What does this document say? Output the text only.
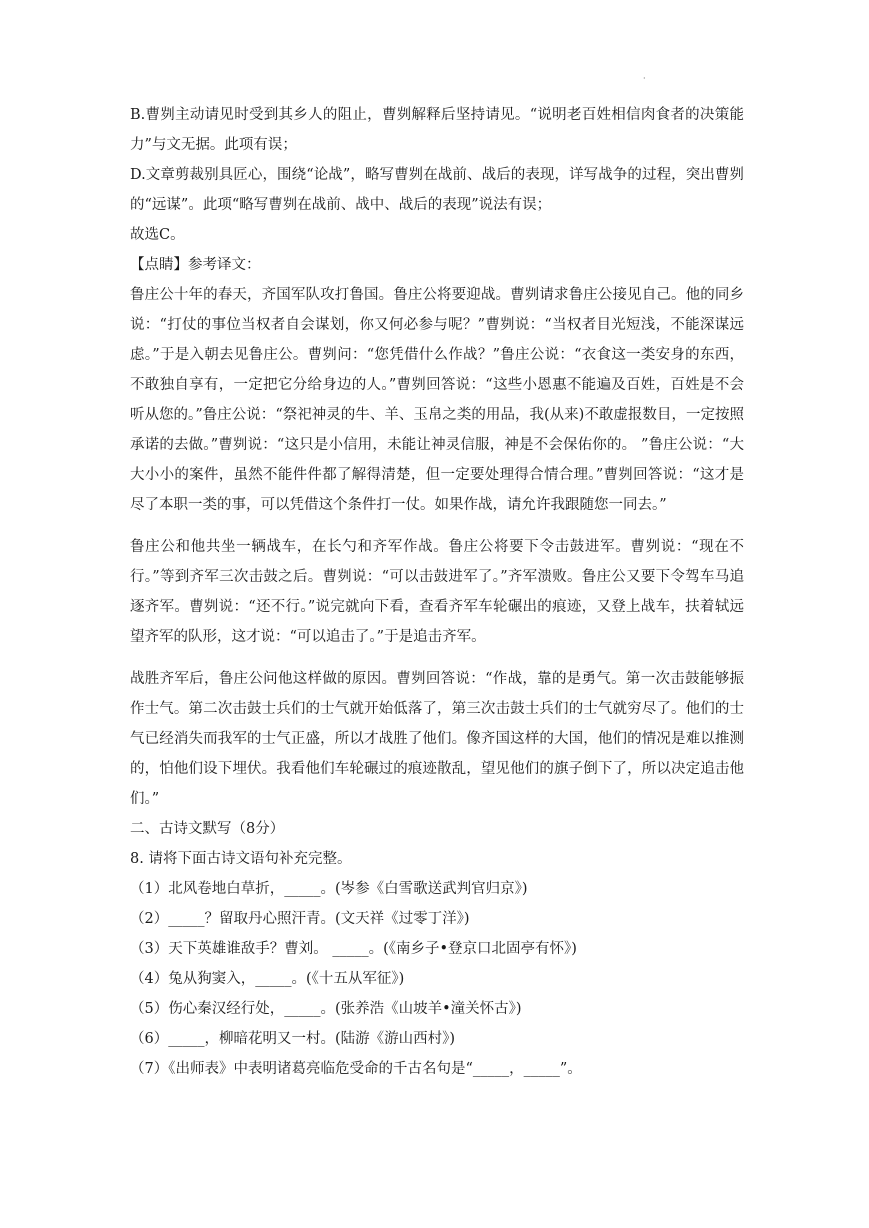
·

B.曹刿主动请见时受到其乡人的阻止，曹刿解释后坚持请见。“说明老百姓相信肉食者的决策能力”与文无据。此项有误；

D.文章剪裁别具匠心，围绕“论战”，略写曹刿在战前、战后的表现，详写战争的过程，突出曹刿的“远谋”。此项“略写曹刿在战前、战中、战后的表现”说法有误；

故选C。

【点睛】参考译文：

鲁庄公十年的春天，齐国军队攻打鲁国。鲁庄公将要迎战。曹刿请求鲁庄公接见自己。他的同乡说：“打仗的事位当权者自会谋划，你又何必参与呢？”曹刿说：“当权者目光短浅，不能深谋远虑。”于是入朝去见鲁庄公。曹刿问：“您凭借什么作战？”鲁庄公说：“衣食这一类安身的东西，不敢独自享有，一定把它分给身边的人。”曹刿回答说：“这些小恩惠不能遍及百姓，百姓是不会听从您的。”鲁庄公说：“祭祀神灵的牛、羊、玉帛之类的用品，我(从来)不敢虚报数目，一定按照承诺的去做。”曹刿说：“这只是小信用，未能让神灵信服，神是不会保佑你的。 ”鲁庄公说：“大大小小的案件，虽然不能件件都了解得清楚，但一定要处理得合情合理。”曹刿回答说：“这才是尽了本职一类的事，可以凭借这个条件打一仗。如果作战，请允许我跟随您一同去。”

鲁庄公和他共坐一辆战车，在长勺和齐军作战。鲁庄公将要下令击鼓进军。曹刿说：“现在不行。”等到齐军三次击鼓之后。曹刿说：“可以击鼓进军了。”齐军溃败。鲁庄公又要下令驾车马追逐齐军。曹刿说：“还不行。”说完就向下看，查看齐军车轮碾出的痕迹，又登上战车，扶着轼远望齐军的队形，这才说：“可以追击了。”于是追击齐军。

战胜齐军后，鲁庄公问他这样做的原因。曹刿回答说：“作战，靠的是勇气。第一次击鼓能够振作士气。第二次击鼓士兵们的士气就开始低落了，第三次击鼓士兵们的士气就穷尽了。他们的士气已经消失而我军的士气正盛，所以才战胜了他们。像齐国这样的大国，他们的情况是难以推测的，怕他们设下埋伏。我看他们车轮碾过的痕迹散乱，望见他们的旗子倒下了，所以决定追击他们。”

二、古诗文默写（8分）

8. 请将下面古诗文语句补充完整。

（1）北风卷地白草折，_____。(岑参《白雪歌送武判官归京》)

（2）_____？留取丹心照汗青。(文天祥《过零丁洋》)

（3）天下英雄谁敌手？曹刘。 _____。(《南乡子•登京口北固亭有怀》)

（4）兔从狗窦入，_____。(《十五从军征》)

（5）伤心秦汉经行处，_____。(张养浩《山坡羊•潼关怀古》)

（6）_____，柳暗花明又一村。(陆游《游山西村》)

（7）《出师表》中表明诸葛亮临危受命的千古名句是“_____，_____”。
